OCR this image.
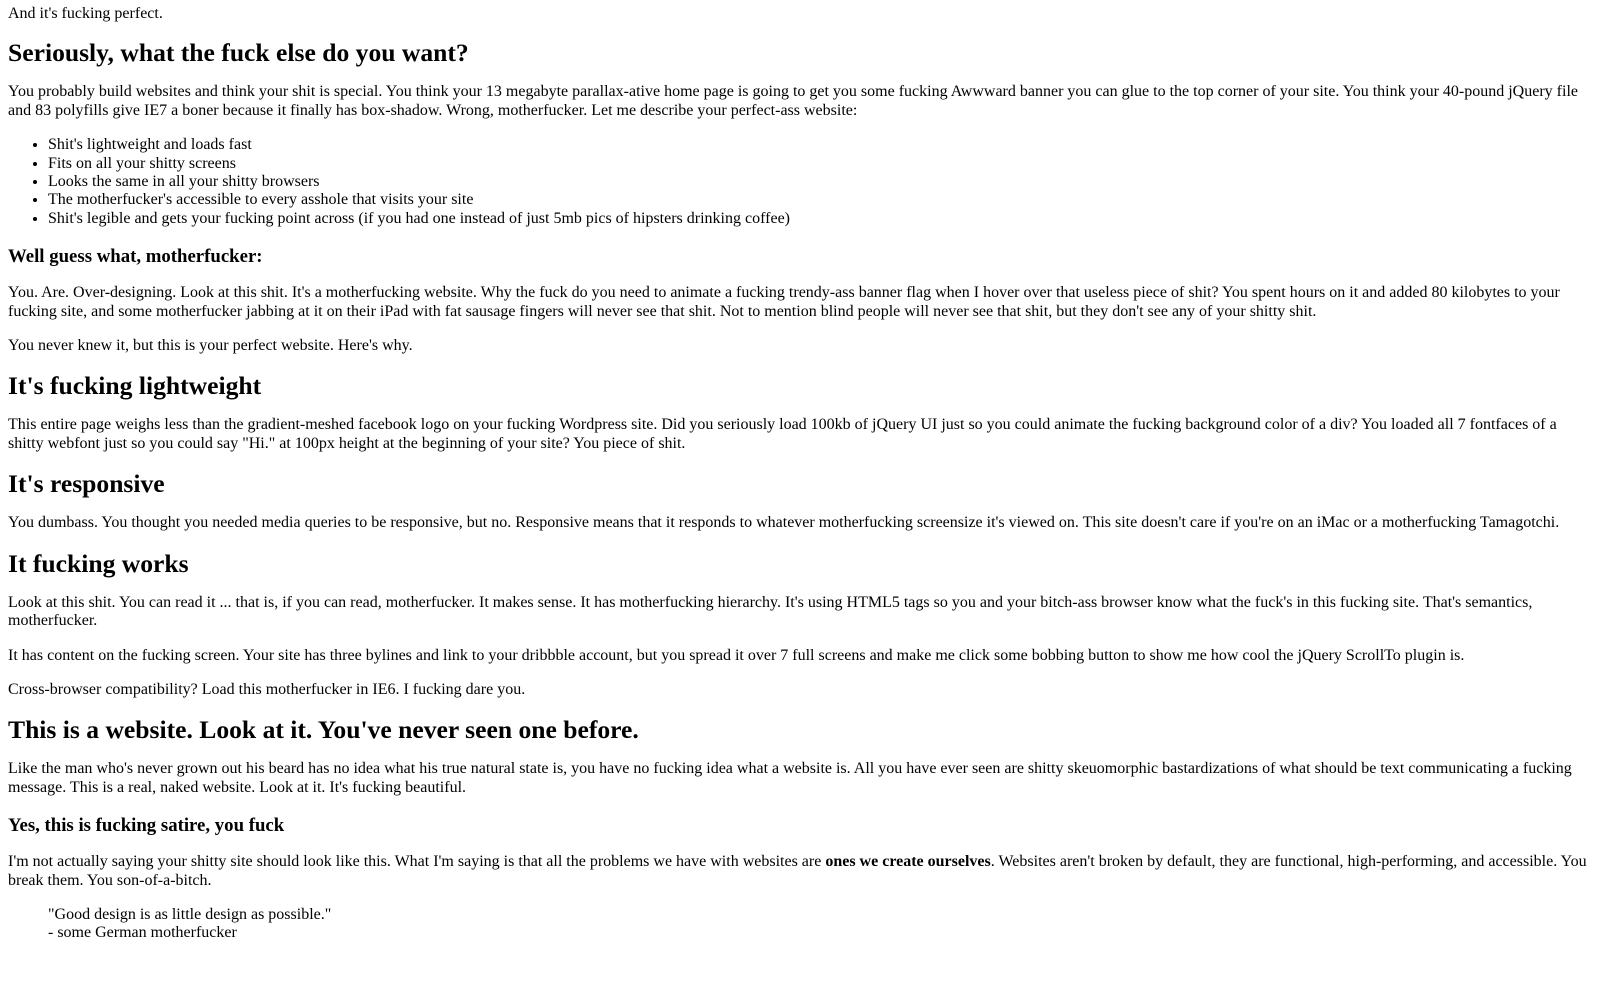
And it's fucking perfect.

Seriously, what the fuck else do you want?

You probably build websites and think your shit is special. You think your 13 megabyte parallax-ative home page is going to get you some fucking Awwward banner you can glue to the top corner of your site. You think your 40-pound jQuery file and 83 polyfills give IE7 a boner because it finally has box-shadow. Wrong, motherfucker. Let me describe your perfect-ass website:

• Shit's lightweight and loads fast
• Fits on all your shitty screens
• Looks the same in all your shitty browsers
• The motherfucker's accessible to every asshole that visits your site
• Shit's legible and gets your fucking point across (if you had one instead of just 5mb pics of hipsters drinking coffee)
Well guess what, motherfucker:

You. Are. Over-designing. Look at this shit. It's a motherfucking website. Why the fuck do you need to animate a fucking trendy-ass banner flag when I hover over that useless piece of shit? You spent hours on it and added 80 kilobytes to your fucking site, and some motherfucker jabbing at it on their iPad with fat sausage fingers will never see that shit. Not to mention blind people will never see that shit, but they don't see any of your shitty shit.

You never knew it, but this is your perfect website. Here's why.

It's fucking lightweight

This entire page weighs less than the gradient-meshed facebook logo on your fucking Wordpress site. Did you seriously load 100kb of jQuery UI just so you could animate the fucking background color of a div? You loaded all 7 fontfaces of a shitty webfont just so you could say "Hi." at 100px height at the beginning of your site? You piece of shit.

It's responsive

You dumbass. You thought you needed media queries to be responsive, but no. Responsive means that it responds to whatever motherfucking screensize it's viewed on. This site doesn't care if you're on an iMac or a motherfucking Tamagotchi.

It fucking works

Look at this shit. You can read it ... that is, if you can read, motherfucker. It makes sense. It has motherfucking hierarchy. It's using HTML5 tags so you and your bitch-ass browser know what the fuck's in this fucking site. That's semantics, motherfucker.

It has content on the fucking screen. Your site has three bylines and link to your dribbble account, but you spread it over 7 full screens and make me click some bobbing button to show me how cool the jQuery ScrollTo plugin is.

Cross-browser compatibility? Load this motherfucker in IE6. I fucking dare you.

This is a website. Look at it. You've never seen one before.

Like the man who's never grown out his beard has no idea what his true natural state is, you have no fucking idea what a website is. All you have ever seen are shitty skeuomorphic bastardizations of what should be text communicating a fucking message. This is a real, naked website. Look at it. It's fucking beautiful.

Yes, this is fucking satire, you fuck

I'm not actually saying your shitty site should look like this. What I'm saying is that all the problems we have with websites are ones we create ourselves. Websites aren't broken by default, they are functional, high-performing, and accessible. You break them. You son-of-a-bitch.

"Good design is as little design as possible."

- some German motherfucker
